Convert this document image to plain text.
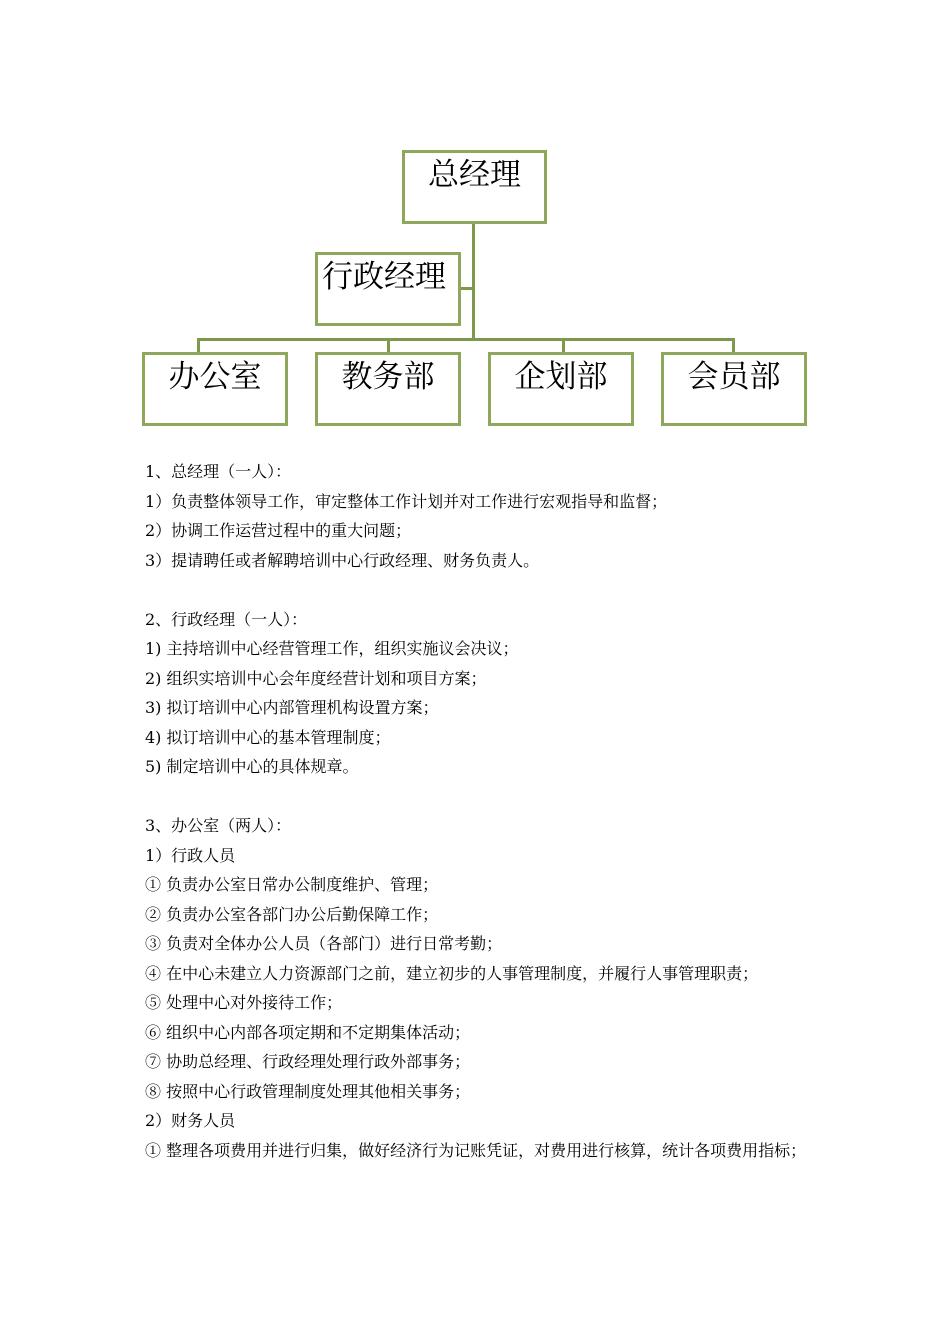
总经理
行政经理
办公室	教务部	企划部	会员部

1、总经理（一人）：

1）负责整体领导工作，审定整体工作计划并对工作进行宏观指导和监督；

2）协调工作运营过程中的重大问题；

3）提请聘任或者解聘培训中心行政经理、财务负责人。

2、行政经理（一人）：

1) 主持培训中心经营管理工作，组织实施议会决议；

2) 组织实培训中心会年度经营计划和项目方案；

3) 拟订培训中心内部管理机构设置方案；

4) 拟订培训中心的基本管理制度；

5) 制定培训中心的具体规章。

3、办公室（两人）：

1）行政人员

① 负责办公室日常办公制度维护、管理；

② 负责办公室各部门办公后勤保障工作；

③ 负责对全体办公人员（各部门）进行日常考勤；

④ 在中心未建立人力资源部门之前，建立初步的人事管理制度，并履行人事管理职责；

⑤ 处理中心对外接待工作；

⑥ 组织中心内部各项定期和不定期集体活动；

⑦ 协助总经理、行政经理处理行政外部事务；

⑧ 按照中心行政管理制度处理其他相关事务；

2）财务人员

① 整理各项费用并进行归集，做好经济行为记账凭证，对费用进行核算，统计各项费用指标；
